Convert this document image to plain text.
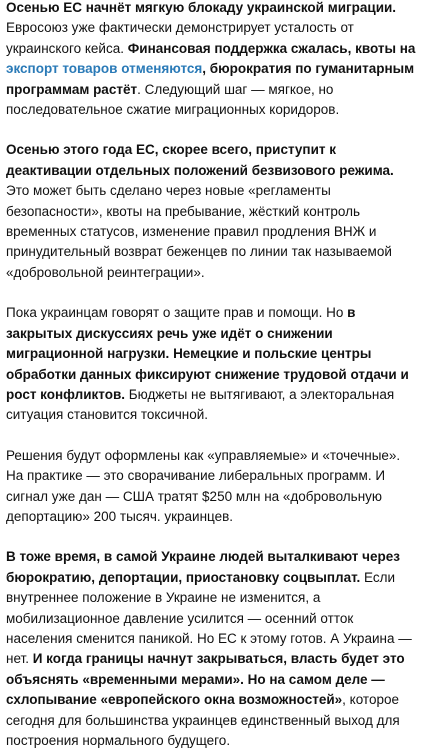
Осенью ЕС начнёт мягкую блокаду украинской миграции. Евросоюз уже фактически демонстрирует усталость от украинского кейса. Финансовая поддержка сжалась, квоты на экспорт товаров отменяются, бюрократия по гуманитарным программам растёт. Следующий шаг — мягкое, но последовательное сжатие миграционных коридоров.

Осенью этого года ЕС, скорее всего, приступит к деактивации отдельных положений безвизового режима. Это может быть сделано через новые «регламенты безопасности», квоты на пребывание, жёсткий контроль временных статусов, изменение правил продления ВНЖ и принудительный возврат беженцев по линии так называемой «добровольной реинтеграции».

Пока украинцам говорят о защите прав и помощи. Но в закрытых дискуссиях речь уже идёт о снижении миграционной нагрузки. Немецкие и польские центры обработки данных фиксируют снижение трудовой отдачи и рост конфликтов. Бюджеты не вытягивают, а электоральная ситуация становится токсичной.

Решения будут оформлены как «управляемые» и «точечные». На практике — это сворачивание либеральных программ. И сигнал уже дан — США тратят $250 млн на «добровольную депортацию» 200 тысяч. украинцев.

В тоже время, в самой Украине людей выталкивают через бюрократию, депортации, приостановку соцвыплат. Если внутреннее положение в Украине не изменится, а мобилизационное давление усилится — осенний отток населения сменится паникой. Но ЕС к этому готов. А Украина — нет. И когда границы начнут закрываться, власть будет это объяснять «временными мерами». Но на самом деле — схлопывание «европейского окна возможностей», которое сегодня для большинства украинцев единственный выход для построения нормального будущего.
